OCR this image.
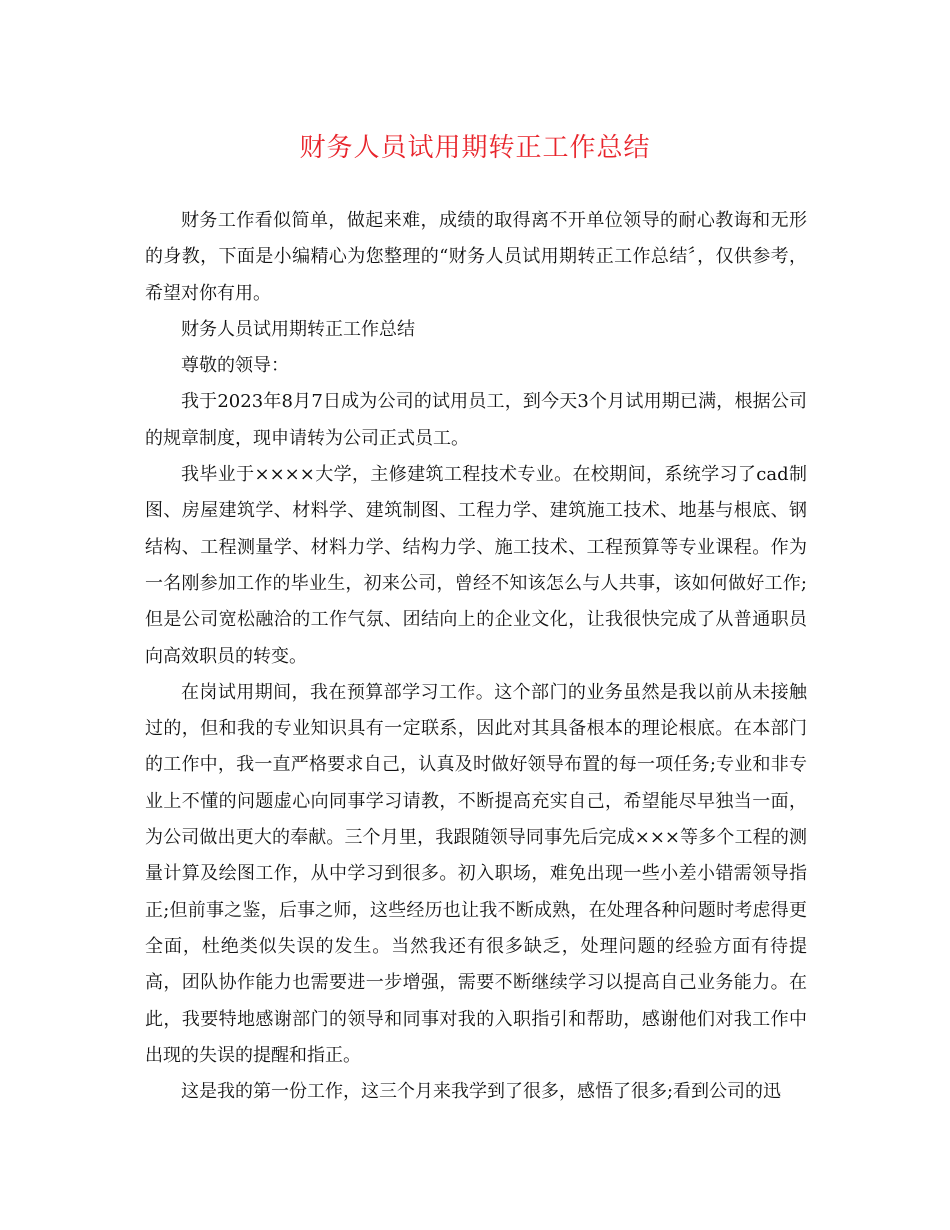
财务人员试用期转正工作总结

财务工作看似简单，做起来难，成绩的取得离不开单位领导的耐心教诲和无形的身教，下面是小编精心为您整理的“财务人员试用期转正工作总结〞，仅供参考，希望对你有用。

财务人员试用期转正工作总结

尊敬的领导：

我于2023年8月7日成为公司的试用员工，到今天3个月试用期已满，根据公司的规章制度，现申请转为公司正式员工。

我毕业于××××大学，主修建筑工程技术专业。在校期间，系统学习了cad制图、房屋建筑学、材料学、建筑制图、工程力学、建筑施工技术、地基与根底、钢结构、工程测量学、材料力学、结构力学、施工技术、工程预算等专业课程。作为一名刚参加工作的毕业生，初来公司，曾经不知该怎么与人共事，该如何做好工作;但是公司宽松融洽的工作气氛、团结向上的企业文化，让我很快完成了从普通职员向高效职员的转变。

在岗试用期间，我在预算部学习工作。这个部门的业务虽然是我以前从未接触过的，但和我的专业知识具有一定联系，因此对其具备根本的理论根底。在本部门的工作中，我一直严格要求自己，认真及时做好领导布置的每一项任务;专业和非专业上不懂的问题虚心向同事学习请教，不断提高充实自己，希望能尽早独当一面，为公司做出更大的奉献。三个月里，我跟随领导同事先后完成×××等多个工程的测量计算及绘图工作，从中学习到很多。初入职场，难免出现一些小差小错需领导指正;但前事之鉴，后事之师，这些经历也让我不断成熟，在处理各种问题时考虑得更全面，杜绝类似失误的发生。当然我还有很多缺乏，处理问题的经验方面有待提高，团队协作能力也需要进一步增强，需要不断继续学习以提高自己业务能力。在此，我要特地感谢部门的领导和同事对我的入职指引和帮助，感谢他们对我工作中出现的失误的提醒和指正。

这是我的第一份工作，这三个月来我学到了很多，感悟了很多;看到公司的迅
